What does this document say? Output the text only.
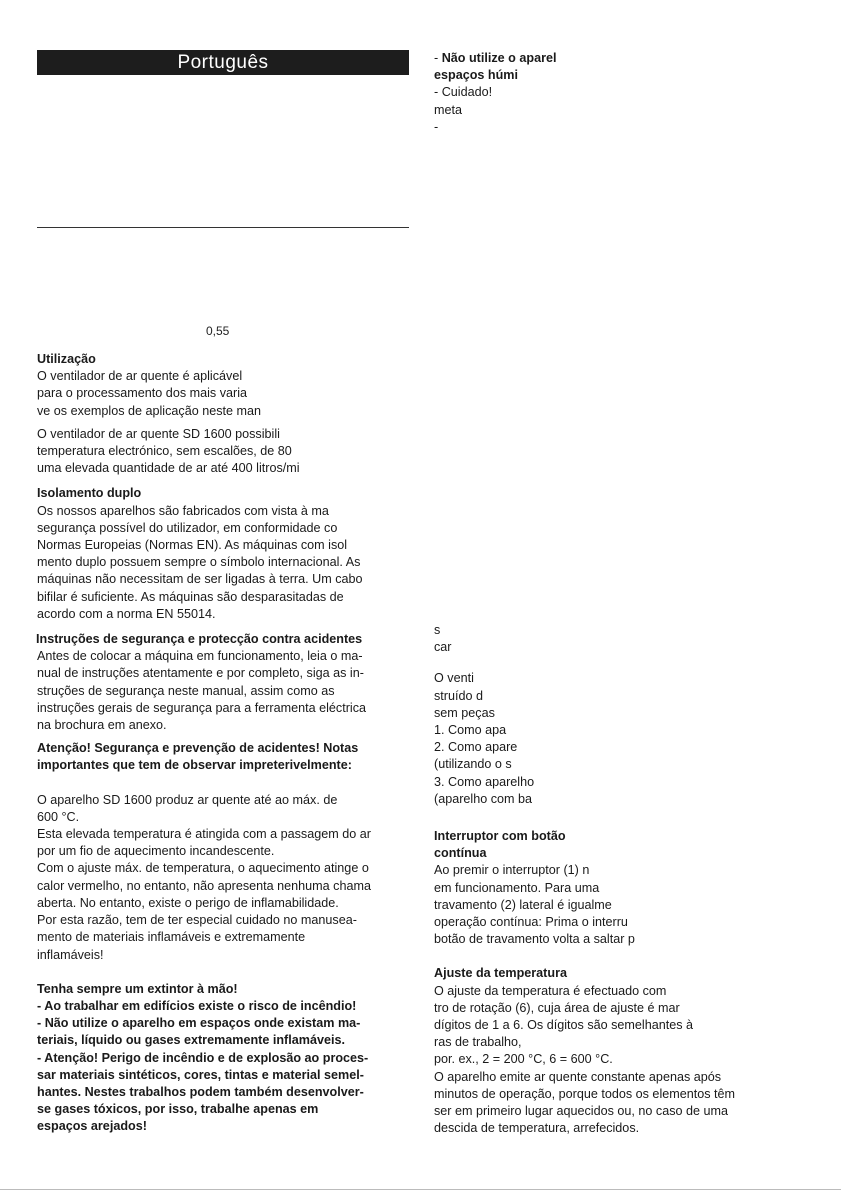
Português
0,55

Utilização

O ventilador de ar quente é aplicável
para o processamento dos mais varia
ve os exemplos de aplicação neste man

O ventilador de ar quente SD 1600 possibili
temperatura electrónico, sem escalões, de 80
uma elevada quantidade de ar até 400 litros/mi

Isolamento duplo

Os nossos aparelhos são fabricados com vista à ma
segurança possível do utilizador, em conformidade co
Normas Europeias (Normas EN). As máquinas com isol
mento duplo possuem sempre o símbolo internacional. As
máquinas não necessitam de ser ligadas à terra. Um cabo
bifilar é suficiente. As máquinas são desparasitadas de
acordo com a norma EN 55014.

Instruções de segurança e protecção contra acidentes

Antes de colocar a máquina em funcionamento, leia o ma-
nual de instruções atentamente e por completo, siga as in-
struções de segurança neste manual, assim como as
instruções gerais de segurança para a ferramenta eléctrica
na brochura em anexo.

Atenção! Segurança e prevenção de acidentes! Notas
importantes que tem de observar impreterivelmente:

O aparelho SD 1600 produz ar quente até ao máx. de
600 °C.
Esta elevada temperatura é atingida com a passagem do ar
por um fio de aquecimento incandescente.
Com o ajuste máx. de temperatura, o aquecimento atinge o
calor vermelho, no entanto, não apresenta nenhuma chama
aberta. No entanto, existe o perigo de inflamabilidade.
Por esta razão, tem de ter especial cuidado no manusea-
mento de materiais inflamáveis e extremamente
inflamáveis!

Tenha sempre um extintor à mão!
- Ao trabalhar em edifícios existe o risco de incêndio!
- Não utilize o aparelho em espaços onde existam ma-
teriais, líquido ou gases extremamente inflamáveis.
- Atenção! Perigo de incêndio e de explosão ao proces-
sar materiais sintéticos, cores, tintas e material semel-
hantes. Nestes trabalhos podem também desenvolver-
se gases tóxicos, por isso, trabalhe apenas em
espaços arejados!

- Não utilize o aparel

espaços húmi

- Cuidado!
meta
-

s
car

O venti
struído d
sem peças
1. Como apa
2. Como apare
(utilizando o s
3. Como aparelho
(aparelho com ba

Interruptor com botão
contínua

Ao premir o interruptor (1) n
em funcionamento. Para uma
travamento (2) lateral é igualme
operação contínua: Prima o interru
botão de travamento volta a saltar p

Ajuste da temperatura

O ajuste da temperatura é efectuado com
tro de rotação (6), cuja área de ajuste é mar
dígitos de 1 a 6. Os dígitos são semelhantes à
ras de trabalho,
por. ex., 2 = 200 °C, 6 = 600 °C.
O aparelho emite ar quente constante apenas após
minutos de operação, porque todos os elementos têm
ser em primeiro lugar aquecidos ou, no caso de uma
descida de temperatura, arrefecidos.
